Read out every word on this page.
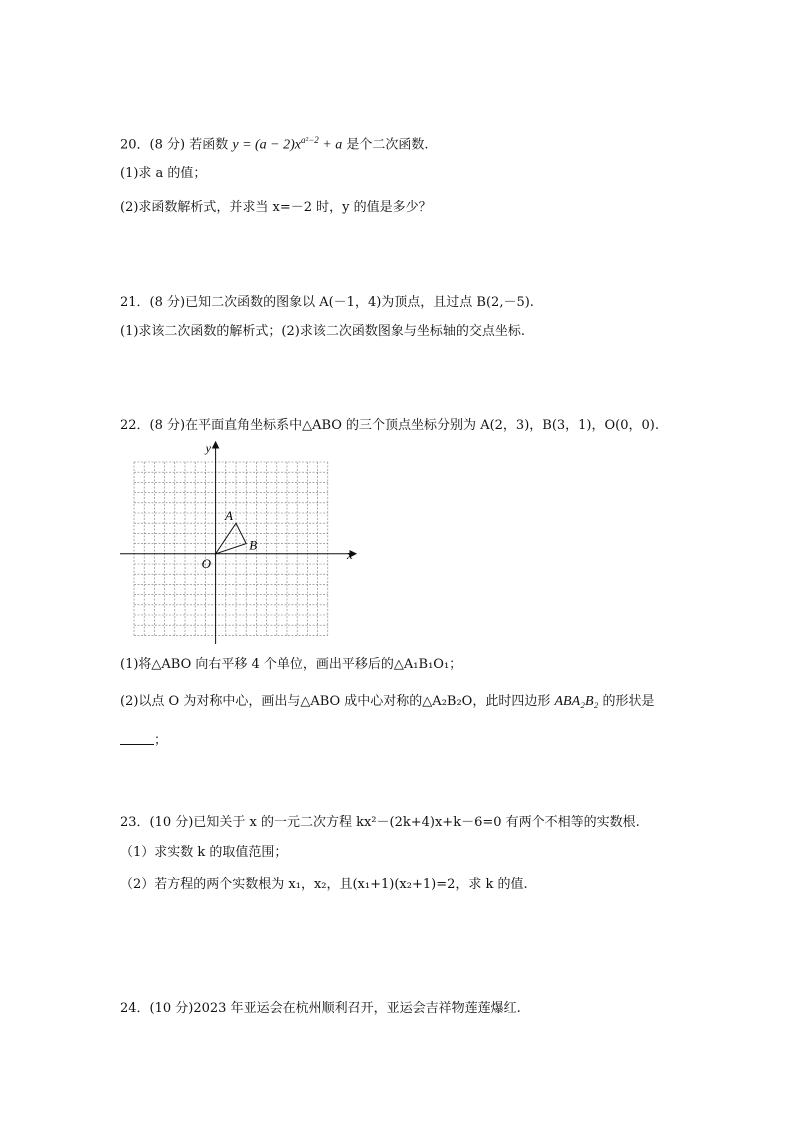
20．(8 分) 若函数 $y = (a - 2)x^{a^2-2} + a$ 是个二次函数.
(1)求 a 的值；
(2)求函数解析式，并求当 x=－2 时，y 的值是多少？
21．(8 分)已知二次函数的图象以 A(－1，4)为顶点，且过点 B(2,－5).
(1)求该二次函数的解析式；(2)求该二次函数图象与坐标轴的交点坐标.
22．(8 分)在平面直角坐标系中△ABO 的三个顶点坐标分别为 A(2，3)，B(3，1)，O(0，0).
x
y
O
A
B
(1)将△ABO 向右平移 4 个单位，画出平移后的△A₁B₁O₁；
(2)以点 O 为对称中心，画出与△ABO 成中心对称的△A₂B₂O，此时四边形 ABA₂B₂ 的形状是
；
23．(10 分)已知关于 x 的一元二次方程 kx²－(2k+4)x+k－6=0 有两个不相等的实数根.
（1）求实数 k 的取值范围；
（2）若方程的两个实数根为 x₁，x₂，且(x₁+1)(x₂+1)=2，求 k 的值.
24．(10 分)2023 年亚运会在杭州顺利召开，亚运会吉祥物莲莲爆红.
